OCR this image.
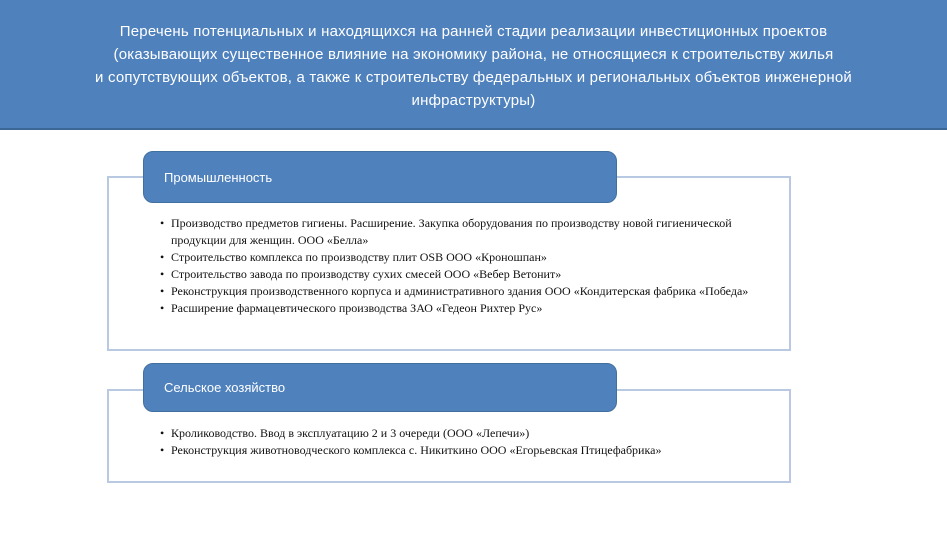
Перечень потенциальных и находящихся на ранней стадии реализации инвестиционных проектов
(оказывающих существенное влияние на экономику района, не относящиеся к строительству жилья
и сопутствующих объектов, а также к строительству федеральных и региональных объектов инженерной
инфраструктуры)
Промышленность
• Производство предметов гигиены. Расширение. Закупка оборудования по производству новой гигиенической продукции для женщин. ООО «Белла»
• Строительство комплекса по производству плит OSB ООО «Кроношпан»
• Строительство завода по производству сухих смесей ООО «Вебер Ветонит»
• Реконструкция производственного корпуса и административного здания ООО «Кондитерская фабрика «Победа»
• Расширение фармацевтического производства ЗАО «Гедеон Рихтер Рус»
Сельское хозяйство
• Кролиководство. Ввод в эксплуатацию 2 и 3 очереди (ООО «Лепечи»)
• Реконструкция животноводческого комплекса с. Никиткино ООО «Егорьевская Птицефабрика»
